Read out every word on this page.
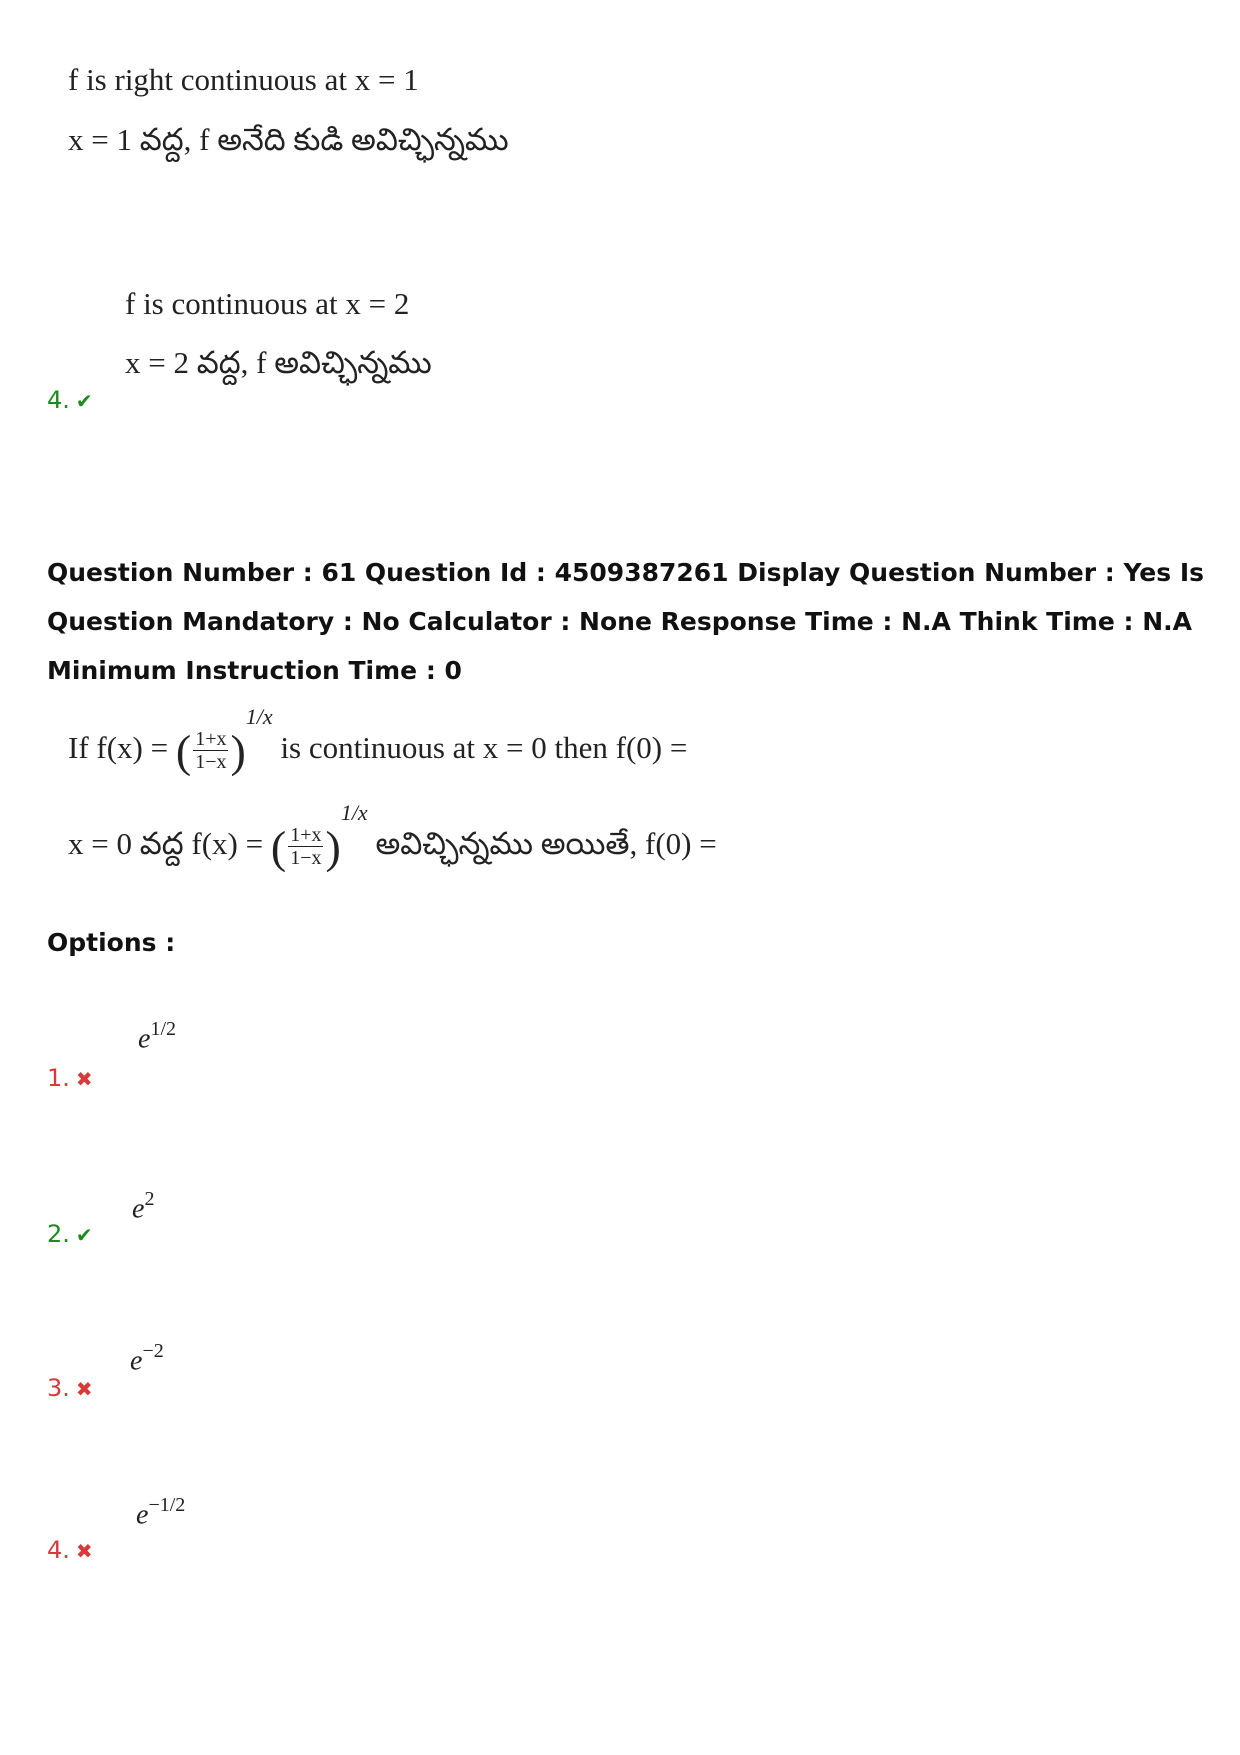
f is right continuous at x = 1
x = 1 వద్ద, f అనేది కుడి అవిచ్ఛిన్నము
f is continuous at x = 2
x = 2 వద్ద, f అవిచ్ఛిన్నము
4. ✔
Question Number : 61 Question Id : 4509387261 Display Question Number : Yes Is Question Mandatory : No Calculator : None Response Time : N.A Think Time : N.A Minimum Instruction Time : 0
If f(x) = ( $\frac{1+x}{1-x} )^{1/x}$ is continuous at x = 0 then f(0) =
x = 0 వద్ద f(x) = ( $\frac{1+x}{1-x} )^{1/x}$ అవిచ్ఛిన్నము అయితే, f(0) =
Options :
$e^{1/2}$
1. ✖
$e^2$
2. ✔
$e^{-2}$
3. ✖
$e^{-1/2}$
4. ✖
